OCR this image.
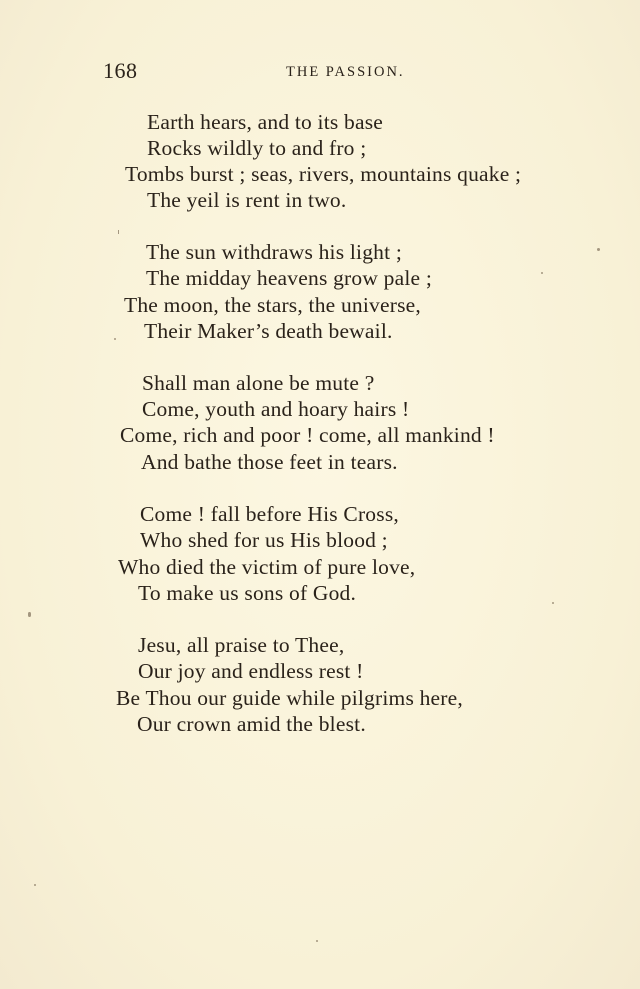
168	THE PASSION.
Earth hears, and to its base
Rocks wildly to and fro ;
Tombs burst ; seas, rivers, mountains quake ;
The yeil is rent in two.
The sun withdraws his light ;
The midday heavens grow pale ;
The moon, the stars, the universe,
Their Maker’s death bewail.
Shall man alone be mute ?
Come, youth and hoary hairs !
Come, rich and poor ! come, all mankind !
And bathe those feet in tears.
Come ! fall before His Cross,
Who shed for us His blood ;
Who died the victim of pure love,
To make us sons of God.
Jesu, all praise to Thee,
Our joy and endless rest !
Be Thou our guide while pilgrims here,
Our crown amid the blest.
